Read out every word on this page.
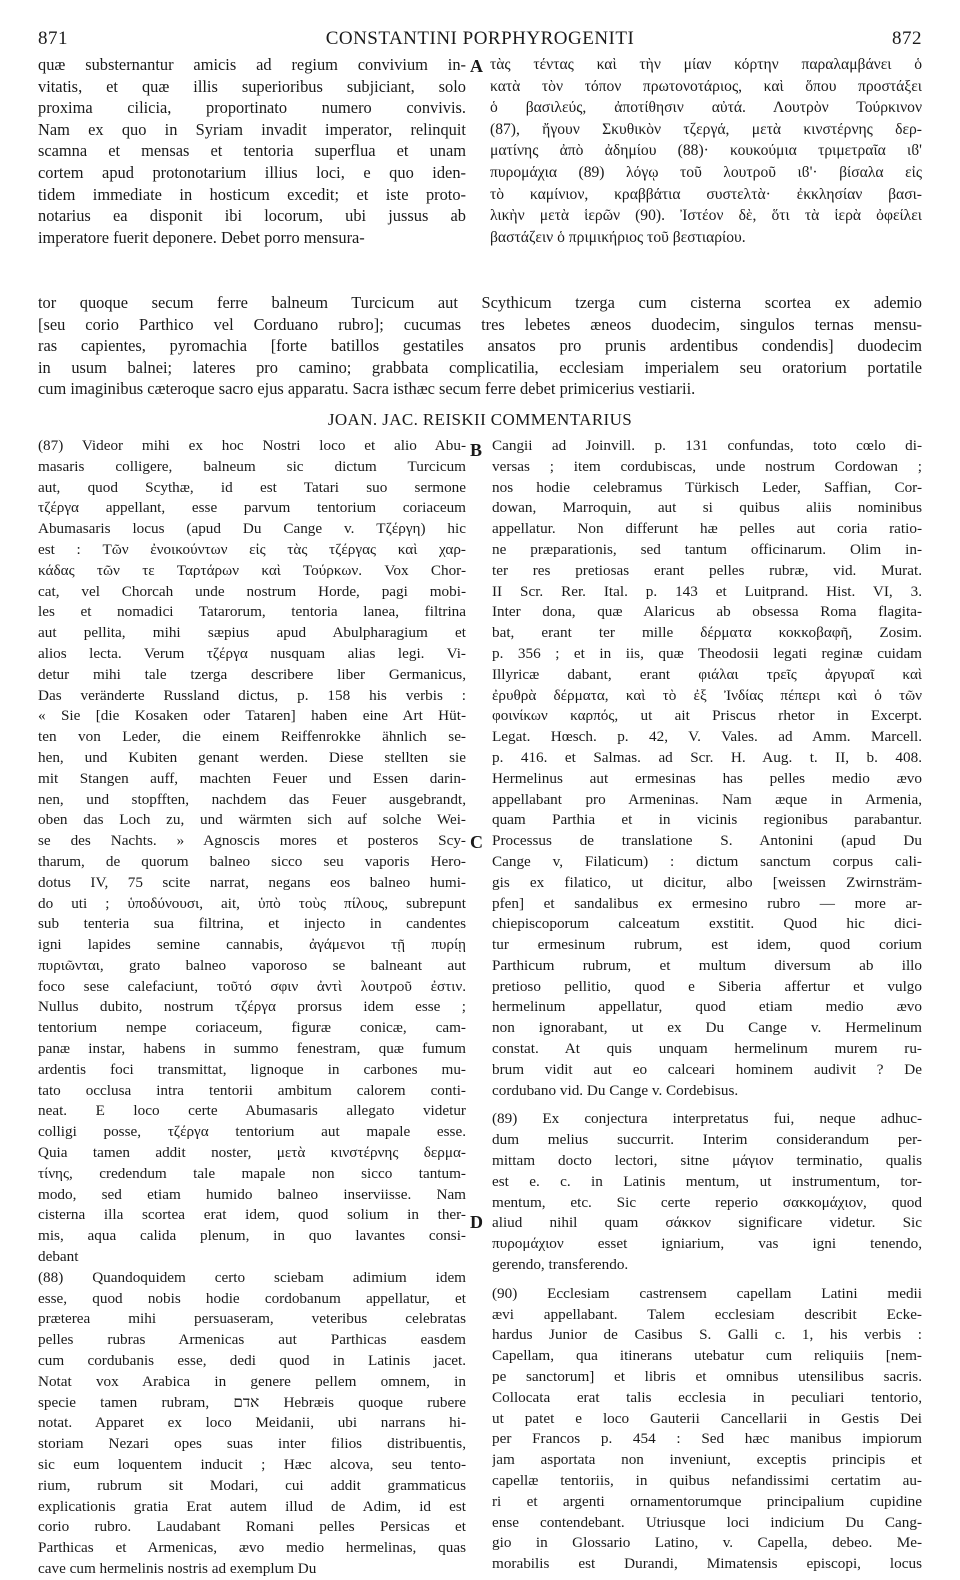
871	CONSTANTINI PORPHYROGENITI	872
quæ substernantur amicis ad regium convivium in-
vitatis, et quæ illis superioribus subjiciant, solo
proxima cilicia, proportinato numero convivis.
Nam ex quo in Syriam invadit imperator, relinquit
scamna et mensas et tentoria superflua et unam
cortem apud protonotarium illius loci, e quo iden-
tidem immediate in hosticum excedit; et iste proto-
notarius ea disponit ibi locorum, ubi jussus ab
imperatore fuerit deponere. Debet porro mensura-
A τὰς τέντας καὶ τὴν μίαν κόρτην παραλαμβάνει ὁ
κατὰ τὸν τόπον πρωτονοτάριος, καὶ ὅπου προστάξει
ὁ βασιλεύς, ἀποτίθησιν αὐτά. Λουτρὸν Τούρκινον
(87), ἤγουν Σκυθικὸν τζεργά, μετὰ κινστέρνης δερ-
ματίνης ἀπὸ ἀδημίου (88)· κουκούμια τριμετραῖα ιϐ'
πυρομάχια (89) λόγῳ τοῦ λουτροῦ ιϐ'· βίσαλα εἰς
τὸ καμίνιον, κραββάτια συστελτὰ· ἐκκλησίαν βασι-
λικὴν μετὰ ἱερῶν (90). Ἰστέον δὲ, ὅτι τὰ ἱερὰ ὀφείλει
βαστάζειν ὁ πριμικήριος τοῦ βεστιαρίου.
tor quoque secum ferre balneum Turcicum aut Scythicum tzerga cum cisterna scortea ex ademio
[seu corio Parthico vel Corduano rubro]; cucumas tres lebetes æneos duodecim, singulos ternas mensu-
ras capientes, pyromachia [forte batillos gestatiles ansatos pro prunis ardentibus condendis] duodecim
in usum balnei; lateres pro camino; grabbata complicatilia, ecclesiam imperialem seu oratorium portatile
cum imaginibus cæteroque sacro ejus apparatu. Sacra isthæc secum ferre debet primicerius vestiarii.
JOAN. JAC. REISKII COMMENTARIUS
(87) Videor mihi ex hoc Nostri loco et alio Abu-
masaris colligere, balneum sic dictum Turcicum
aut, quod Scythæ, id est Tatari suo sermone
τζέργα appellant, esse parvum tentorium coriaceum
Abumasaris locus (apud Du Cange v. Τζέργη) hic
est : Τῶν ἐνοικούντων εἰς τὰς τζέργας καὶ χαρ-
κάδας τῶν τε Ταρτάρων καὶ Τούρκων. Vox Chor-
cat, vel Chorcah unde nostrum Horde, pagi mobi-
les et nomadici Tatarorum, tentoria lanea, filtrina
aut pellita, mihi sæpius apud Abulpharagium et
alios lecta. Verum τζέργα nusquam alias legi. Vi-
detur mihi tale tzerga describere liber Germanicus,
Das veränderte Russland dictus, p. 158 his verbis :
« Sie [die Kosaken oder Tataren] haben eine Art Hüt-
ten von Leder, die einem Reiffenrokke ähnlich se-
hen, und Kubiten genant werden. Diese stellten sie
mit Stangen auff, machten Feuer und Essen darin-
nen, und stopfften, nachdem das Feuer ausgebrandt,
oben das Loch zu, und wärmten sich auf solche Wei-
se des Nachts. » Agnoscis mores et posteros Scy-
tharum, de quorum balneo sicco seu vaporis Hero-
dotus IV, 75 scite narrat, negans eos balneo humi-
do uti ; ὑποδύνουσι, ait, ὑπὸ τοὺς πίλους, subrepunt
sub tenteria sua filtrina, et injecto in candentes
igni lapides semine cannabis, ἀγάμενοι τῇ πυρίῃ
πυριῶνται, grato balneo vaporoso se balneant aut
foco sese calefaciunt, τοῦτό σφιν ἀντὶ λουτροῦ ἐστιν.
Nullus dubito, nostrum τζέργα prorsus idem esse ;
tentorium nempe coriaceum, figuræ conicæ, cam-
panæ instar, habens in summo fenestram, quæ fumum
ardentis foci transmittat, lignoque in carbones mu-
tato occlusa intra tentorii ambitum calorem conti-
neat. E loco certe Abumasaris allegato videtur
colligi posse, τζέργα tentorium aut mapale esse.
Quia tamen addit noster, μετὰ κινστέρνης δερμα-
τίνης, credendum tale mapale non sicco tantum-
modo, sed etiam humido balneo inserviisse. Nam
cisterna illa scortea erat idem, quod solium in ther-
mis, aqua calida plenum, in quo lavantes consi-
debant
(88) Quandoquidem certo sciebam adimium idem
esse, quod nobis hodie cordobanum appellatur, et
præterea mihi persuaseram, veteribus celebratas
pelles rubras Armenicas aut Parthicas easdem
cum cordubanis esse, dedi quod in Latinis jacet.
Notat vox Arabica in genere pellem omnem, in
specie tamen rubram, אדם Hebræis quoque rubere
notat. Apparet ex loco Meidanii, ubi narrans hi-
storiam Nezari opes suas inter filios distribuentis,
sic eum loquentem inducit ; Hæc alcova, seu tento-
rium, rubrum sit Modari, cui addit grammaticus
explicationis gratia Erat autem illud de Adim, id est
corio rubro. Laudabant Romani pelles Persicas et
Parthicas et Armenicas, ævo medio hermelinas, quas
cave cum hermelinis nostris ad exemplum Du
B
C
D
Cangii ad Joinvill. p. 131 confundas, toto cœlo di-
versas ; item cordubiscas, unde nostrum Cordowan ;
nos hodie celebramus Türkisch Leder, Saffian, Cor-
dowan, Marroquin, aut si quibus aliis nominibus
appellatur. Non differunt hæ pelles aut coria ratio-
ne præparationis, sed tantum officinarum. Olim in-
ter res pretiosas erant pelles rubræ, vid. Murat.
II Scr. Rer. Ital. p. 143 et Luitprand. Hist. VI, 3.
Inter dona, quæ Alaricus ab obsessa Roma flagita-
bat, erant ter mille δέρματα κοκκοβαφῆ, Zosim.
p. 356 ; et in iis, quæ Theodosii legati reginæ cuidam
Illyricæ dabant, erant φιάλαι τρεῖς ἀργυραῖ καὶ
ἐρυθρὰ δέρματα, καὶ τὸ ἐξ Ἰνδίας πέπερι καὶ ὁ τῶν
φοινίκων καρπός, ut ait Priscus rhetor in Excerpt.
Legat. Hœsch. p. 42, V. Vales. ad Amm. Marcell.
p. 416. et Salmas. ad Scr. H. Aug. t. II, b. 408.
Hermelinus aut ermesinas has pelles medio ævo
appellabant pro Armeninas. Nam æque in Armenia,
quam Parthia et in vicinis regionibus parabantur.
Processus de translatione S. Antonini (apud Du
Cange v, Filaticum) : dictum sanctum corpus cali-
gis ex filatico, ut dicitur, albo [weissen Zwirnsträm-
pfen] et sandalibus ex ermesino rubro — more ar-
chiepiscoporum calceatum exstitit. Quod hic dici-
tur ermesinum rubrum, est idem, quod corium
Parthicum rubrum, et multum diversum ab illo
pretioso pellitio, quod e Siberia affertur et vulgo
hermelinum appellatur, quod etiam medio ævo
non ignorabant, ut ex Du Cange v. Hermelinum
constat. At quis unquam hermelinum murem ru-
brum vidit aut eo calceari hominem audivit ? De
cordubano vid. Du Cange v. Cordebisus.
(89) Ex conjectura interpretatus fui, neque adhuc-
dum melius succurrit. Interim considerandum per-
mittam docto lectori, sitne μάγιον terminatio, qualis
est e. c. in Latinis mentum, ut instrumentum, tor-
mentum, etc. Sic certe reperio σακκομάχιον, quod
aliud nihil quam σάκκον significare videtur. Sic
πυρομάχιον esset igniarium, vas igni tenendo,
gerendo, transferendo.
(90) Ecclesiam castrensem capellam Latini medii
ævi appellabant. Talem ecclesiam describit Ecke-
hardus Junior de Casibus S. Galli c. 1, his verbis :
Capellam, qua itinerans utebatur cum reliquiis [nem-
pe sanctorum] et libris et omnibus utensilibus sacris.
Collocata erat talis ecclesia in peculiari tentorio,
ut patet e loco Gauterii Cancellarii in Gestis Dei
per Francos p. 454 : Sed hæc manibus impiorum
jam asportata non inveniunt, exceptis principis et
capellæ tentoriis, in quibus nefandissimi certatim au-
ri et argenti ornamentorumque principalium cupidine
ense contendebant. Utriusque loci indicium Du Cang-
gio in Glossario Latino, v. Capella, debeo. Me-
morabilis est Durandi, Mimatensis episcopi, locus
